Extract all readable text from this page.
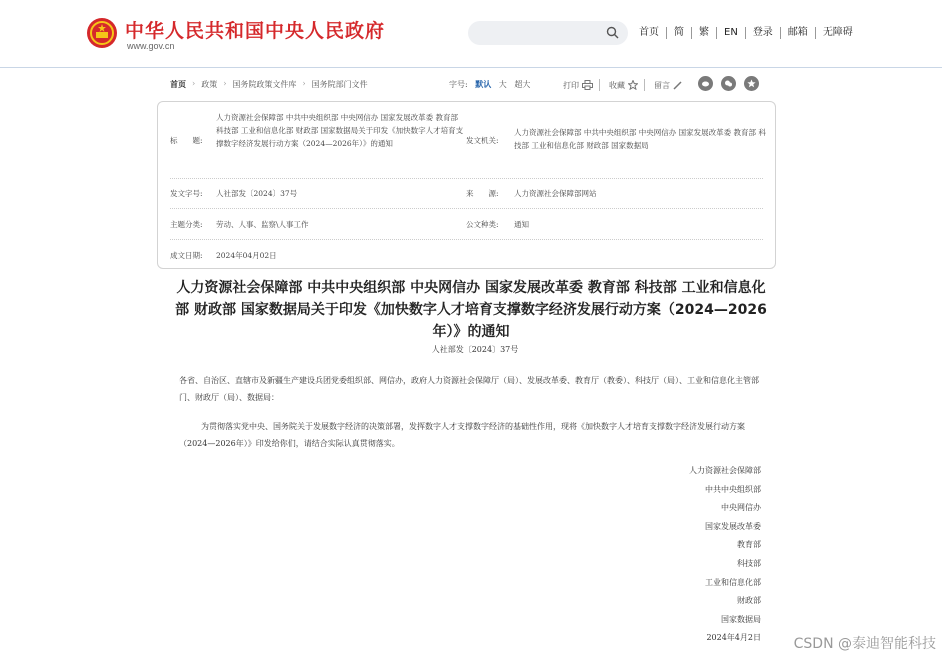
中华人民共和国中央人民政府
www.gov.cn
首页	简	繁	EN	登录	邮箱	无障碍
首页 › 政策 › 国务院政策文件库 › 国务院部门文件	字号: 默认 大 超大	打印	收藏	留言
标　　题:
人力资源社会保障部 中共中央组织部 中央网信办 国家发展改革委 教育部 科技部 工业和信息化部 财政部 国家数据局关于印发《加快数字人才培育支撑数字经济发展行动方案（2024—2026年）》的通知	发文机关:
人力资源社会保障部 中共中央组织部 中央网信办 国家发展改革委 教育部 科技部 工业和信息化部 财政部 国家数据局
发文字号: 人社部发〔2024〕37号	来　　源: 人力资源社会保障部网站
主题分类: 劳动、人事、监察\人事工作	公文种类: 通知
成文日期: 2024年04月02日
人力资源社会保障部 中共中央组织部 中央网信办 国家发展改革委 教育部 科技部 工业和信息化部 财政部 国家数据局关于印发《加快数字人才培育支撑数字经济发展行动方案（2024—2026年）》的通知
人社部发〔2024〕37号
各省、自治区、直辖市及新疆生产建设兵团党委组织部、网信办，政府人力资源社会保障厅（局）、发展改革委、教育厅（教委）、科技厅（局）、工业和信息化主管部门、财政厅（局）、数据局：
为贯彻落实党中央、国务院关于发展数字经济的决策部署，发挥数字人才支撑数字经济的基础性作用，现将《加快数字人才培育支撑数字经济发展行动方案（2024—2026年）》印发给你们，请结合实际认真贯彻落实。
人力资源社会保障部
中共中央组织部
中央网信办
国家发展改革委
教育部
科技部
工业和信息化部
财政部
国家数据局
2024年4月2日 CSDN @泰迪智能科技
